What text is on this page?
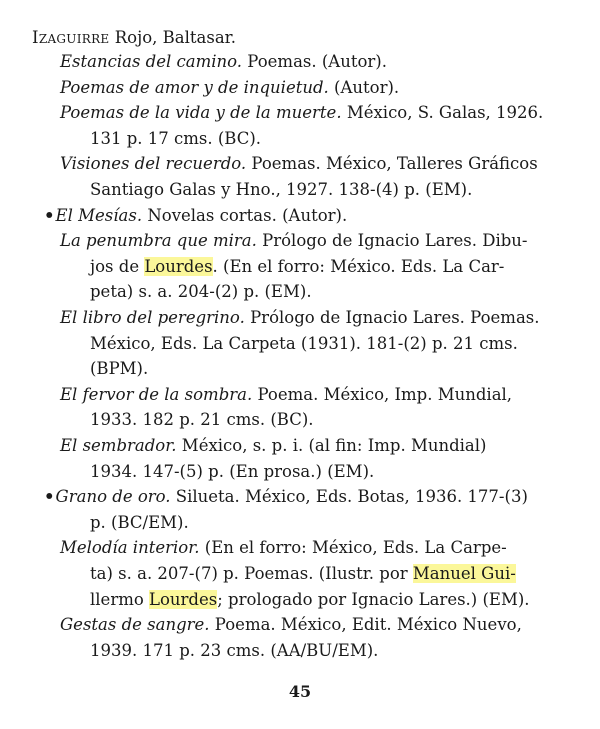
Izaguirre Rojo, Baltasar.
Estancias del camino. Poemas. (Autor).
Poemas de amor y de inquietud. (Autor).
Poemas de la vida y de la muerte. México, S. Galas, 1926.
131 p. 17 cms. (BC).
Visiones del recuerdo. Poemas. México, Talleres Gráficos
Santiago Galas y Hno., 1927. 138-(4) p. (EM).
•El Mesías. Novelas cortas. (Autor).
La penumbra que mira. Prólogo de Ignacio Lares. Dibu-
jos de Lourdes. (En el forro: México. Eds. La Car-
peta) s. a. 204-(2) p. (EM).
El libro del peregrino. Prólogo de Ignacio Lares. Poemas.
México, Eds. La Carpeta (1931). 181-(2) p. 21 cms.
(BPM).
El fervor de la sombra. Poema. México, Imp. Mundial,
1933. 182 p. 21 cms. (BC).
El sembrador. México, s. p. i. (al fin: Imp. Mundial)
1934. 147-(5) p. (En prosa.) (EM).
•Grano de oro. Silueta. México, Eds. Botas, 1936. 177-(3)
p. (BC/EM).
Melodía interior. (En el forro: México, Eds. La Carpe-
ta) s. a. 207-(7) p. Poemas. (Ilustr. por Manuel Gui-
llermo Lourdes; prologado por Ignacio Lares.) (EM).
Gestas de sangre. Poema. México, Edit. México Nuevo,
1939. 171 p. 23 cms. (AA/BU/EM).
45
